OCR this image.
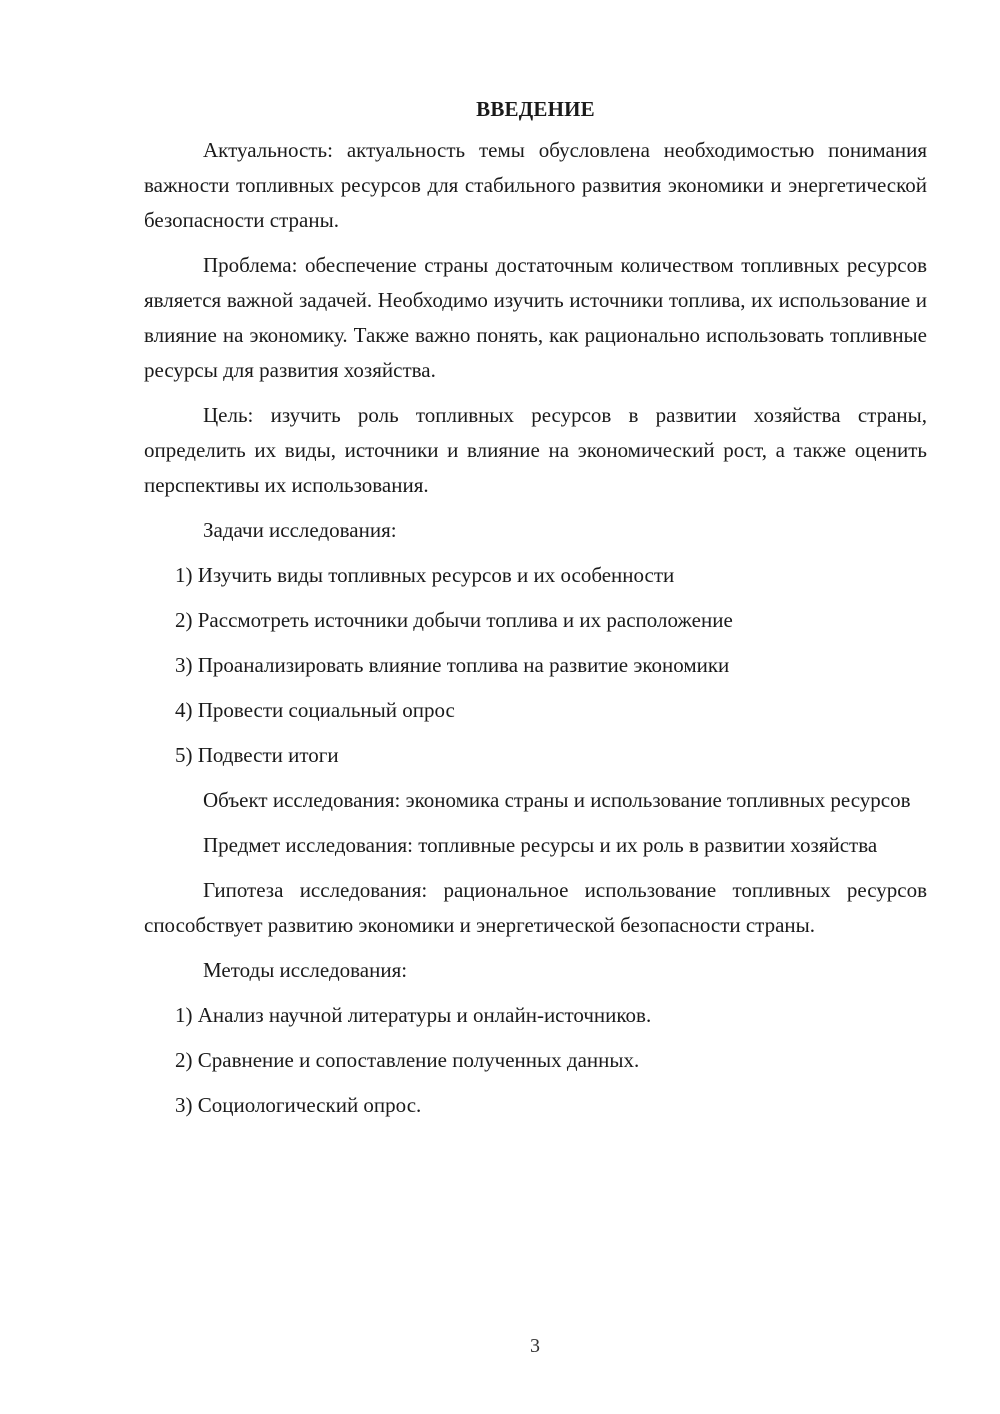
ВВЕДЕНИЕ

Актуальность: актуальность темы обусловлена необходимостью понимания важности топливных ресурсов для стабильного развития экономики и энергетической безопасности страны.

Проблема: обеспечение страны достаточным количеством топливных ресурсов является важной задачей. Необходимо изучить источники топлива, их использование и влияние на экономику. Также важно понять, как рационально использовать топливные ресурсы для развития хозяйства.

Цель: изучить роль топливных ресурсов в развитии хозяйства страны, определить их виды, источники и влияние на экономический рост, а также оценить перспективы их использования.

Задачи исследования:

1) Изучить виды топливных ресурсов и их особенности
2) Рассмотреть источники добычи топлива и их расположение
3) Проанализировать влияние топлива на развитие экономики
4) Провести социальный опрос
5) Подвести итоги

Объект исследования: экономика страны и использование топливных ресурсов

Предмет исследования: топливные ресурсы и их роль в развитии хозяйства

Гипотеза исследования: рациональное использование топливных ресурсов способствует развитию экономики и энергетической безопасности страны.

Методы исследования:

1) Анализ научной литературы и онлайн-источников.
2) Сравнение и сопоставление полученных данных.
3) Социологический опрос.
3
